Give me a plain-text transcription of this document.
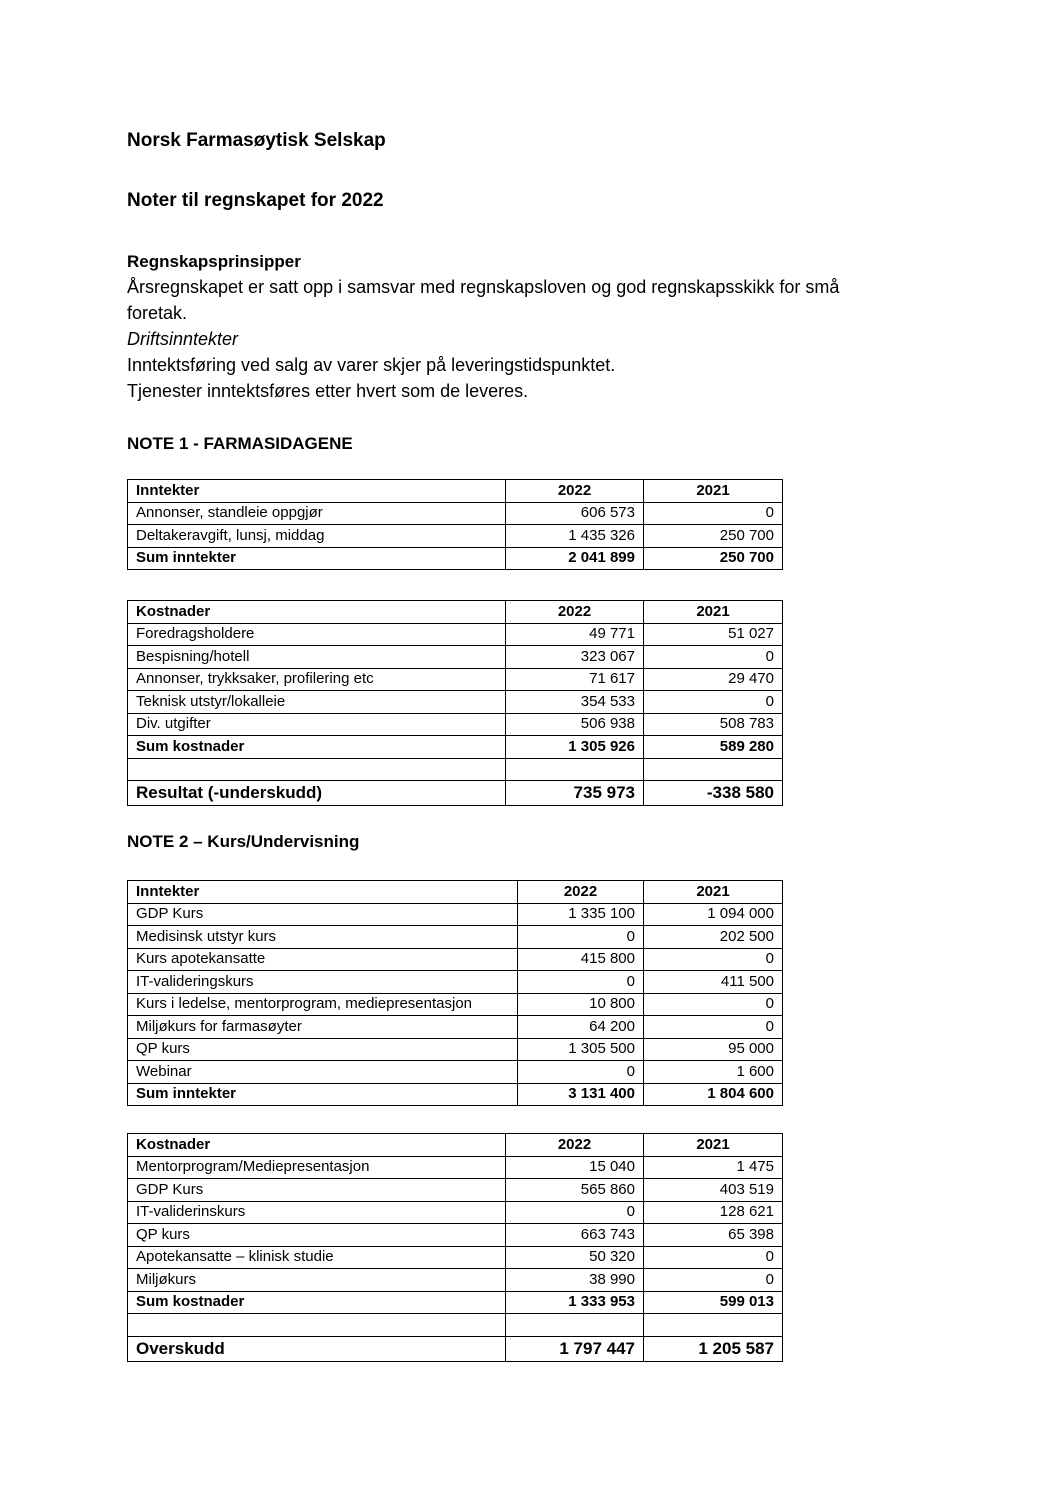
Norsk Farmasøytisk Selskap
Noter til regnskapet for 2022
Regnskapsprinsipper
Årsregnskapet er satt opp i samsvar med regnskapsloven og god regnskapsskikk for små
foretak.
Driftsinntekter
Inntektsføring ved salg av varer skjer på leveringstidspunktet.
Tjenester inntektsføres etter hvert som de leveres.
NOTE 1 - FARMASIDAGENE
Inntekter	2022	2021
Annonser, standleie oppgjør	606 573	0
Deltakeravgift, lunsj, middag	1 435 326	250 700
Sum inntekter	2 041 899	250 700
Kostnader	2022	2021
Foredragsholdere	49 771	51 027
Bespisning/hotell	323 067	0
Annonser, trykksaker, profilering etc	71 617	29 470
Teknisk utstyr/lokalleie	354 533	0
Div. utgifter	506 938	508 783
Sum kostnader	1 305 926	589 280

Resultat (-underskudd)	735 973	-338 580
NOTE 2 – Kurs/Undervisning
Inntekter	2022	2021
GDP Kurs	1 335 100	1 094 000
Medisinsk utstyr kurs	0	202 500
Kurs apotekansatte	415 800	0
IT-valideringskurs	0	411 500
Kurs i ledelse, mentorprogram, mediepresentasjon	10 800	0
Miljøkurs for farmasøyter	64 200	0
QP kurs	1 305 500	95 000
Webinar	0	1 600
Sum inntekter	3 131 400	1 804 600
Kostnader	2022	2021
Mentorprogram/Mediepresentasjon	15 040	1 475
GDP Kurs	565 860	403 519
IT-validerinskurs	0	128 621
QP kurs	663 743	65 398
Apotekansatte – klinisk studie	50 320	0
Miljøkurs	38 990	0
Sum kostnader	1 333 953	599 013

Overskudd	1 797 447	1 205 587
